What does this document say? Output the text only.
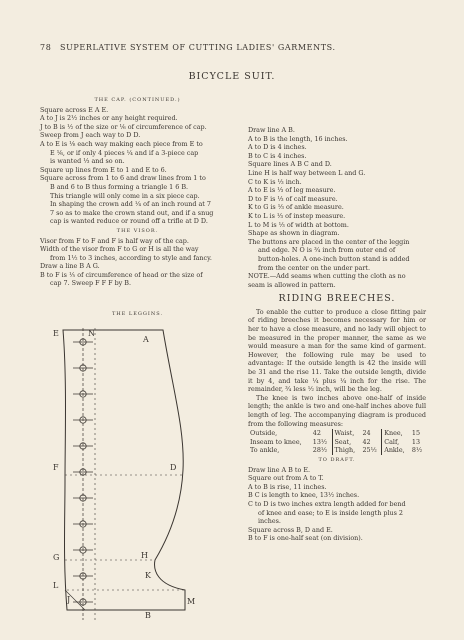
78 SUPERLATIVE SYSTEM OF CUTTING LADIES' GARMENTS.
BICYCLE SUIT.

THE CAP. (CONTINUED.)

Square across E A E.

A to J is 2½ inches or any height required.

J to B is ½ of the size or ⅙ of circumference of cap.

Sweep from J each way to D D.

A to E is ⅛ each way making each piece from E to

E ⅙, or if only 4 pieces ¼ and if a 3-piece cap

is wanted ⅓ and so on.

Square up lines from E to 1 and E to 6.

Square across from 1 to 6 and draw lines from 1 to

B and 6 to B thus forming a triangle 1 6 B.

This triangle will only come in a six piece cap.

In shaping the crown add ¼ of an inch round at 7

7 so as to make the crown stand out, and if a snug

cap is wanted reduce or round off a trifle at D D.

THE VISOR.

Visor from F to F and F is half way of the cap.

Width of the visor from F to G or H is all the way

from 1½ to 3 inches, according to style and fancy.

Draw a line B A G.

B to F is ⅕ of circumference of head or the size of

cap 7. Sweep F F F by B.

THE LEGGINS.
E	N
A
F	D
G	H
K
L
J	M
B

Draw line A B.

A to B is the length, 16 inches.

A to D is 4 inches.

B to C is 4 inches.

Square lines A B C and D.

Line H is half way between L and G.

C to K is ⅓ inch.

A to E is ⅓ of leg measure.

D to F is ⅓ of calf measure.

K to G is ⅓ of ankle measure.

K to L is ⅓ of instep measure.

L to M is ⅓ of width at bottom.

Shape as shown in diagram.

The buttons are placed in the center of the leggin

and edge. N O is ¾ inch from outer end of

button-holes. A one-inch button stand is added

from the center on the under part.

NOTE.—Add seams when cutting the cloth as no

seam is allowed in pattern.

RIDING BREECHES.

To enable the cutter to produce a close fitting pair of riding breeches it becomes necessary for him or her to have a close measure, and no lady will object to be measured in the proper manner, the same as we would measure a man for the same kind of garment. However, the following rule may be used to advantage: If the outside length is 42 the inside will be 31 and the rise 11. Take the outside length, divide it by 4, and take ¼ plus ¼ inch for the rise. The remainder, ¾ less ½ inch, will be the leg.

The knee is two inches above one-half of inside length; the ankle is two and one-half inches above full length of leg. The accompanying diagram is produced from the following measures:

Outside,	42	Waist,	24	Knee,	15
Inseam to knee,	13½	Seat,	42	Calf,	13
To ankle,	28½	Thigh,	25½	Ankle,	8½

TO DRAFT.

Draw line A B to E.

Square out from A to T.

A to B is rise, 11 inches.

B C is length to knee, 13½ inches.

C to D is two inches extra length added for bend

of knee and ease; to E is inside length plus 2

inches.

Square across B, D and E.

B to F is one-half seat (on division).
